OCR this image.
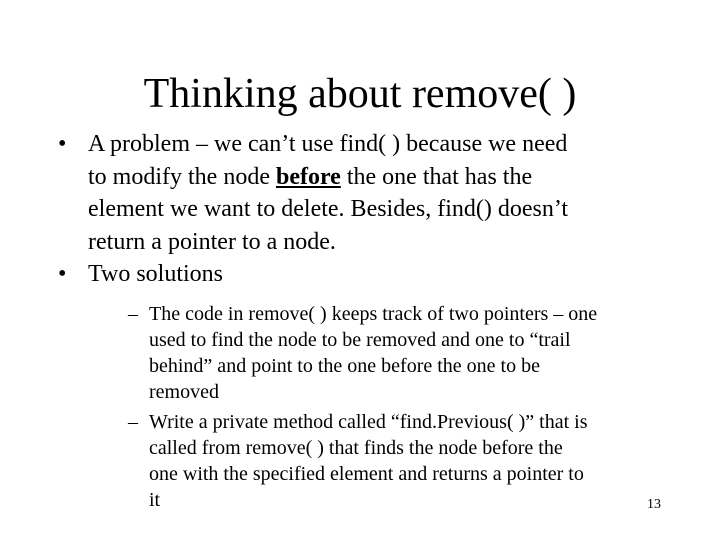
Thinking about remove( )
• A problem – we can’t use find( ) because we need
to modify the node before the one that has the
element we want to delete. Besides, find() doesn’t
return a pointer to a node.
• Two solutions
– The code in remove( ) keeps track of two pointers – one
used to find the node to be removed and one to “trail
behind” and point to the one before the one to be
removed
– Write a private method called “find.Previous( )” that is
called from remove( ) that finds the node before the
one with the specified element and returns a pointer to
it	13
